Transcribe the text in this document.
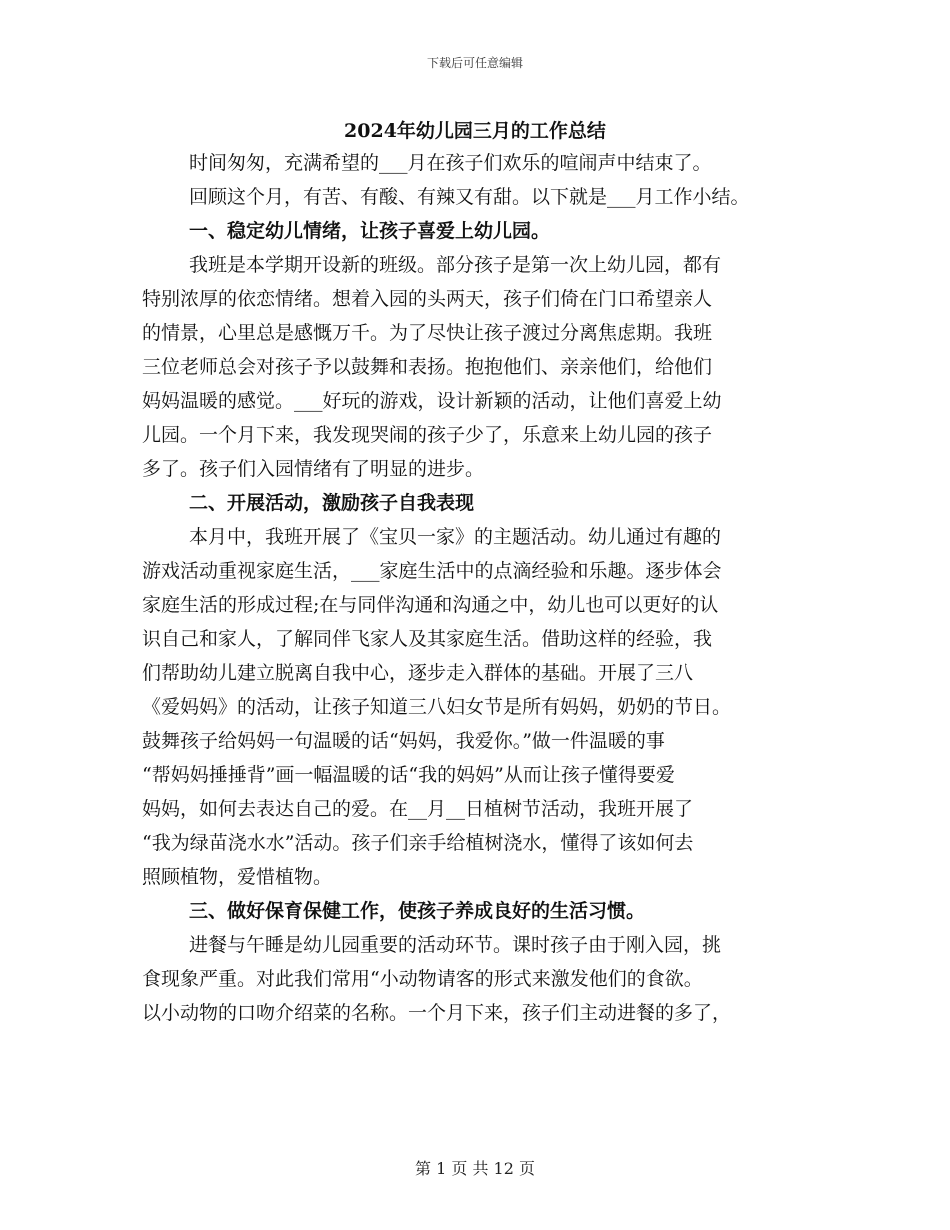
下载后可任意编辑
2024年幼儿园三月的工作总结
时间匆匆，充满希望的___月在孩子们欢乐的喧闹声中结束了。
回顾这个月，有苦、有酸、有辣又有甜。以下就是___月工作小结。
一、稳定幼儿情绪，让孩子喜爱上幼儿园。
我班是本学期开设新的班级。部分孩子是第一次上幼儿园，都有
特别浓厚的依恋情绪。想着入园的头两天，孩子们倚在门口希望亲人
的情景，心里总是感慨万千。为了尽快让孩子渡过分离焦虑期。我班
三位老师总会对孩子予以鼓舞和表扬。抱抱他们、亲亲他们，给他们
妈妈温暖的感觉。___好玩的游戏，设计新颖的活动，让他们喜爱上幼
儿园。一个月下来，我发现哭闹的孩子少了，乐意来上幼儿园的孩子
多了。孩子们入园情绪有了明显的进步。
二、开展活动，激励孩子自我表现
本月中，我班开展了《宝贝一家》的主题活动。幼儿通过有趣的
游戏活动重视家庭生活，___家庭生活中的点滴经验和乐趣。逐步体会
家庭生活的形成过程;在与同伴沟通和沟通之中，幼儿也可以更好的认
识自己和家人，了解同伴飞家人及其家庭生活。借助这样的经验，我
们帮助幼儿建立脱离自我中心，逐步走入群体的基础。开展了三八
《爱妈妈》的活动，让孩子知道三八妇女节是所有妈妈，奶奶的节日。
鼓舞孩子给妈妈一句温暖的话“妈妈，我爱你。”做一件温暖的事
“帮妈妈捶捶背”画一幅温暖的话“我的妈妈”从而让孩子懂得要爱
妈妈，如何去表达自己的爱。在__月__日植树节活动，我班开展了
“我为绿苗浇水水”活动。孩子们亲手给植树浇水，懂得了该如何去
照顾植物，爱惜植物。
三、做好保育保健工作，使孩子养成良好的生活习惯。
进餐与午睡是幼儿园重要的活动环节。课时孩子由于刚入园，挑
食现象严重。对此我们常用“小动物请客的形式来激发他们的食欲。
以小动物的口吻介绍菜的名称。一个月下来，孩子们主动进餐的多了，
第 1 页 共 12 页
